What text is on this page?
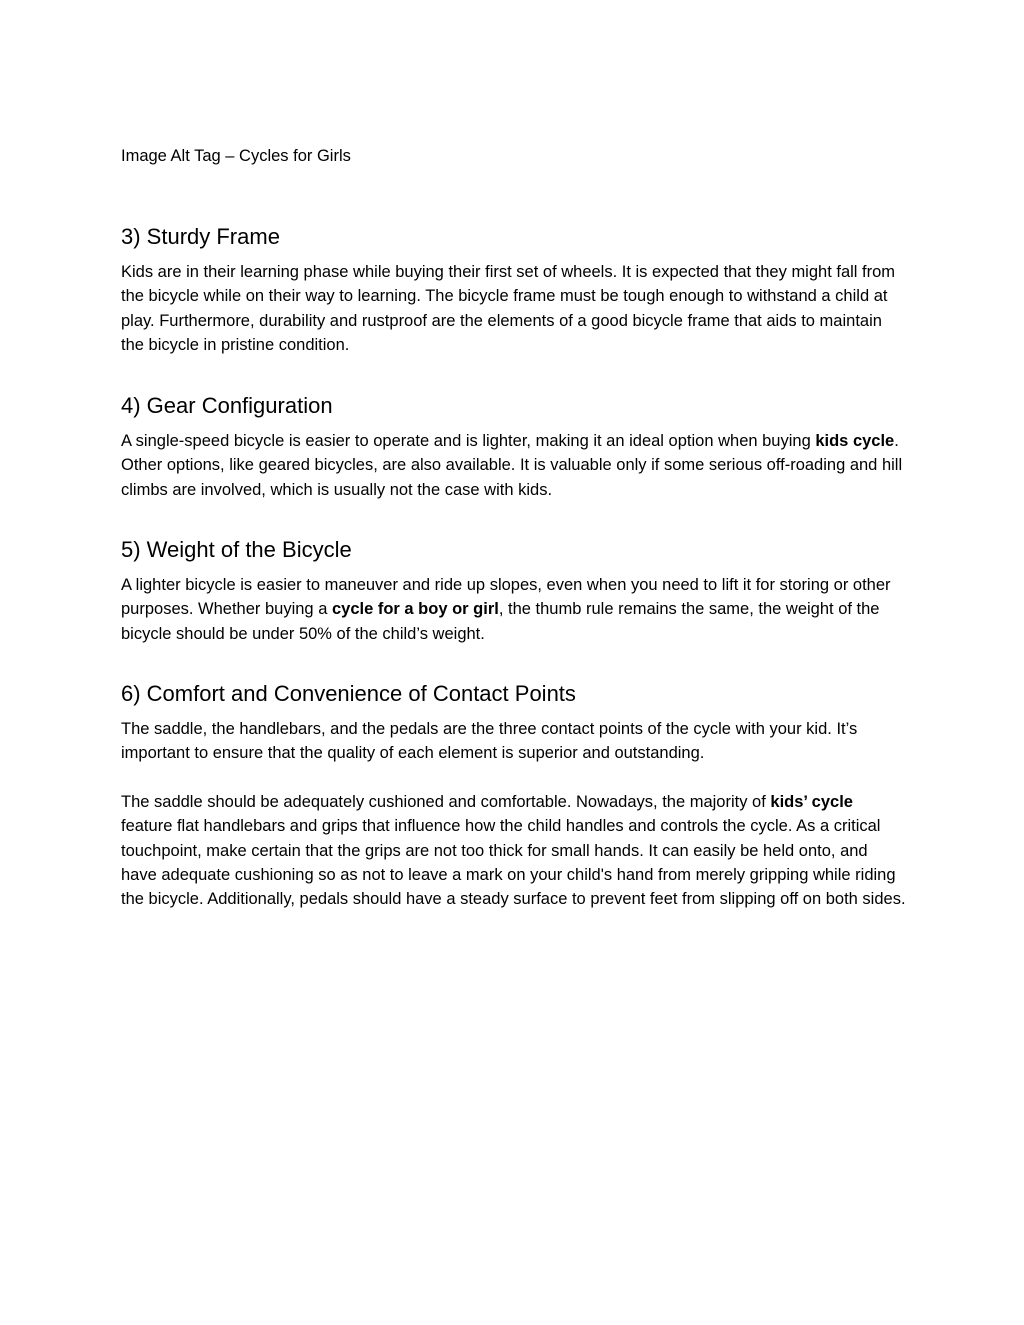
Image Alt Tag – Cycles for Girls
3) Sturdy Frame

Kids are in their learning phase while buying their first set of wheels. It is expected that they might fall from the bicycle while on their way to learning. The bicycle frame must be tough enough to withstand a child at play. Furthermore, durability and rustproof are the elements of a good bicycle frame that aids to maintain the bicycle in pristine condition.

4) Gear Configuration

A single-speed bicycle is easier to operate and is lighter, making it an ideal option when buying kids cycle. Other options, like geared bicycles, are also available. It is valuable only if some serious off-roading and hill climbs are involved, which is usually not the case with kids.

5) Weight of the Bicycle

A lighter bicycle is easier to maneuver and ride up slopes, even when you need to lift it for storing or other purposes. Whether buying a cycle for a boy or girl, the thumb rule remains the same, the weight of the bicycle should be under 50% of the child’s weight.

6) Comfort and Convenience of Contact Points

The saddle, the handlebars, and the pedals are the three contact points of the cycle with your kid. It’s important to ensure that the quality of each element is superior and outstanding.

The saddle should be adequately cushioned and comfortable. Nowadays, the majority of kids’ cycle feature flat handlebars and grips that influence how the child handles and controls the cycle. As a critical touchpoint, make certain that the grips are not too thick for small hands. It can easily be held onto, and have adequate cushioning so as not to leave a mark on your child's hand from merely gripping while riding the bicycle. Additionally, pedals should have a steady surface to prevent feet from slipping off on both sides.
